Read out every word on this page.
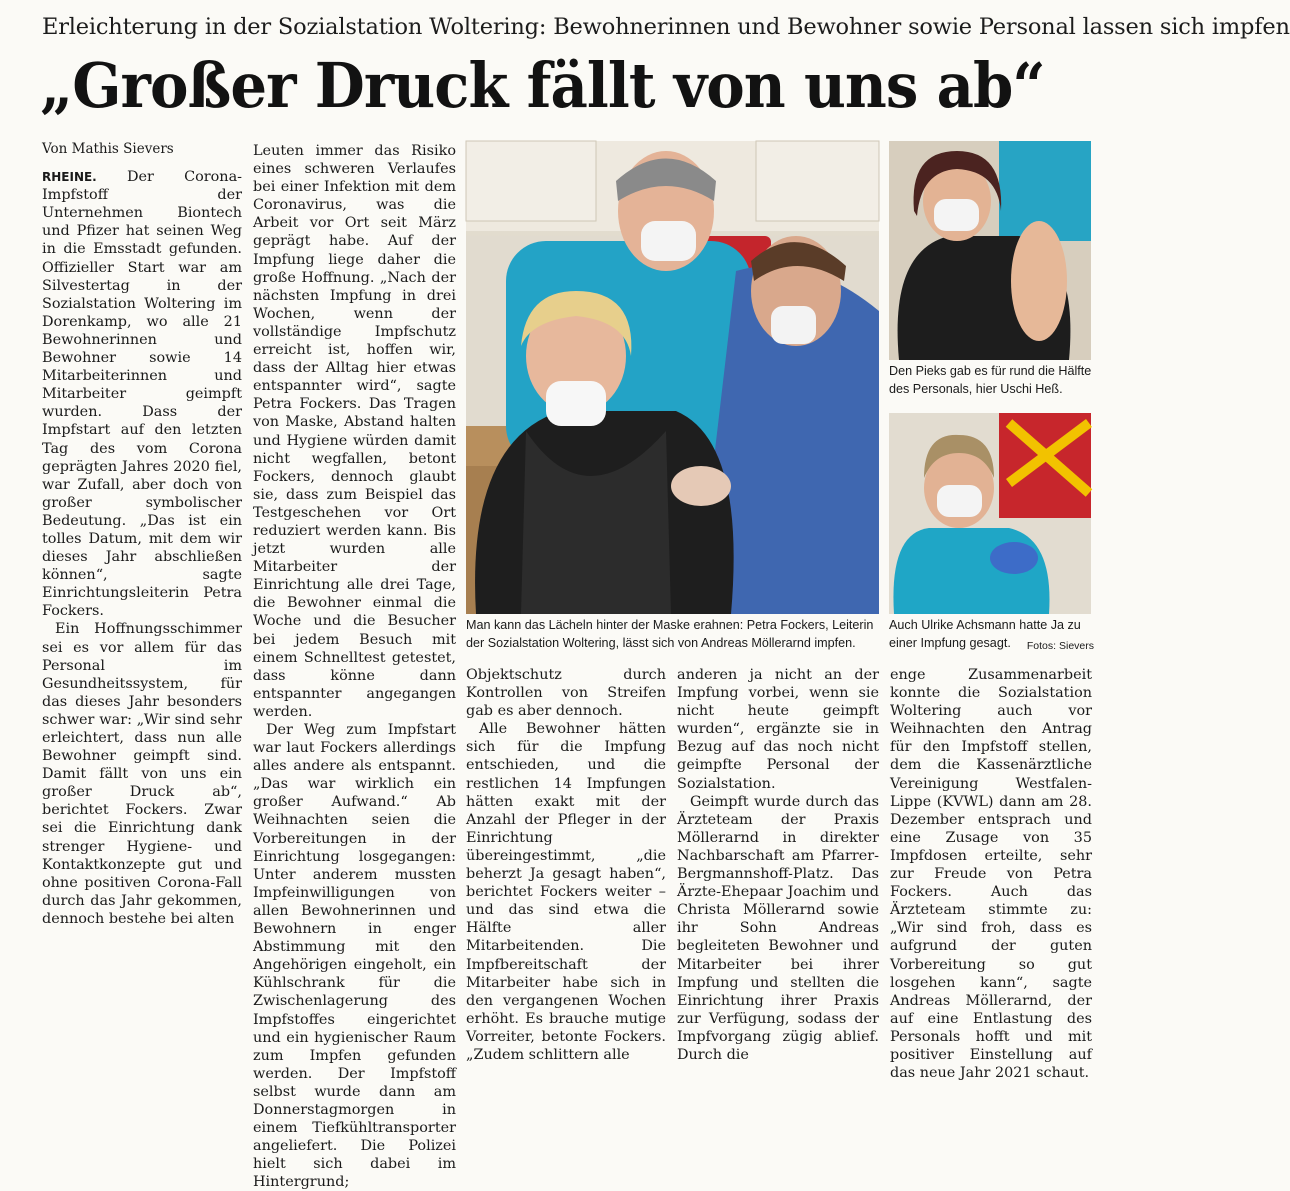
Erleichterung in der Sozialstation Woltering: Bewohnerinnen und Bewohner sowie Personal lassen sich impfen
„Großer Druck fällt von uns ab“
Von Mathis Sievers

RHEINE. Der Corona-Impfstoff der Unternehmen Biontech und Pfizer hat seinen Weg in die Emsstadt gefunden. Offizieller Start war am Silvestertag in der Sozialstation Woltering im Dorenkamp, wo alle 21 Bewohnerinnen und Bewohner sowie 14 Mitarbeiterinnen und Mitarbeiter geimpft wurden. Dass der Impfstart auf den letzten Tag des vom Corona geprägten Jahres 2020 fiel, war Zufall, aber doch von großer symbolischer Bedeutung. „Das ist ein tolles Datum, mit dem wir dieses Jahr abschließen können“, sagte Einrichtungsleiterin Petra Fockers.

Ein Hoffnungsschimmer sei es vor allem für das Personal im Gesundheitssystem, für das dieses Jahr besonders schwer war: „Wir sind sehr erleichtert, dass nun alle Bewohner geimpft sind. Damit fällt von uns ein großer Druck ab“, berichtet Fockers. Zwar sei die Einrichtung dank strenger Hygiene- und Kontaktkonzepte gut und ohne positiven Corona-Fall durch das Jahr gekommen, dennoch bestehe bei alten

Leuten immer das Risiko eines schweren Verlaufes bei einer Infektion mit dem Coronavirus, was die Arbeit vor Ort seit März geprägt habe. Auf der Impfung liege daher die große Hoffnung. „Nach der nächsten Impfung in drei Wochen, wenn der vollständige Impfschutz erreicht ist, hoffen wir, dass der Alltag hier etwas entspannter wird“, sagte Petra Fockers. Das Tragen von Maske, Abstand halten und Hygiene würden damit nicht wegfallen, betont Fockers, dennoch glaubt sie, dass zum Beispiel das Testgeschehen vor Ort reduziert werden kann. Bis jetzt wurden alle Mitarbeiter der Einrichtung alle drei Tage, die Bewohner einmal die Woche und die Besucher bei jedem Besuch mit einem Schnelltest getestet, dass könne dann entspannter angegangen werden.

Der Weg zum Impfstart war laut Fockers allerdings alles andere als entspannt. „Das war wirklich ein großer Aufwand.“ Ab Weihnachten seien die Vorbereitungen in der Einrichtung losgegangen: Unter anderem mussten Impfeinwilligungen von allen Bewohnerinnen und Bewohnern in enger Abstimmung mit den Angehörigen eingeholt, ein Kühlschrank für die Zwischenlagerung des Impfstoffes eingerichtet und ein hygienischer Raum zum Impfen gefunden werden. Der Impfstoff selbst wurde dann am Donnerstagmorgen in einem Tiefkühltransporter angeliefert. Die Polizei hielt sich dabei im Hintergrund;

Objektschutz durch Kontrollen von Streifen gab es aber dennoch.

Alle Bewohner hätten sich für die Impfung entschieden, und die restlichen 14 Impfungen hätten exakt mit der Anzahl der Pfleger in der Einrichtung übereingestimmt, „die beherzt Ja gesagt haben“, berichtet Fockers weiter – und das sind etwa die Hälfte aller Mitarbeitenden. Die Impfbereitschaft der Mitarbeiter habe sich in den vergangenen Wochen erhöht. Es brauche mutige Vorreiter, betonte Fockers. „Zudem schlittern alle

anderen ja nicht an der Impfung vorbei, wenn sie nicht heute geimpft wurden“, ergänzte sie in Bezug auf das noch nicht geimpfte Personal der Sozialstation.

Geimpft wurde durch das Ärzteteam der Praxis Möllerarnd in direkter Nachbarschaft am Pfarrer-Bergmannshoff-Platz. Das Ärzte-Ehepaar Joachim und Christa Möllerarnd sowie ihr Sohn Andreas begleiteten Bewohner und Mitarbeiter bei ihrer Impfung und stellten die Einrichtung ihrer Praxis zur Verfügung, sodass der Impfvorgang zügig ablief. Durch die

enge Zusammenarbeit konnte die Sozialstation Woltering auch vor Weihnachten den Antrag für den Impfstoff stellen, dem die Kassenärztliche Vereinigung Westfalen-Lippe (KVWL) dann am 28. Dezember entsprach und eine Zusage von 35 Impfdosen erteilte, sehr zur Freude von Petra Fockers. Auch das Ärzteteam stimmte zu: „Wir sind froh, dass es aufgrund der guten Vorbereitung so gut losgehen kann“, sagte Andreas Möllerarnd, der auf eine Entlastung des Personals hofft und mit positiver Einstellung auf das neue Jahr 2021 schaut.

Man kann das Lächeln hinter der Maske erahnen: Petra Fockers, Leiterin der Sozialstation Woltering, lässt sich von Andreas Möllerarnd impfen.
Den Pieks gab es für rund die Hälfte des Personals, hier Uschi Heß.
Auch Ulrike Achsmann hatte Ja zu einer Impfung gesagt. Fotos: Sievers
